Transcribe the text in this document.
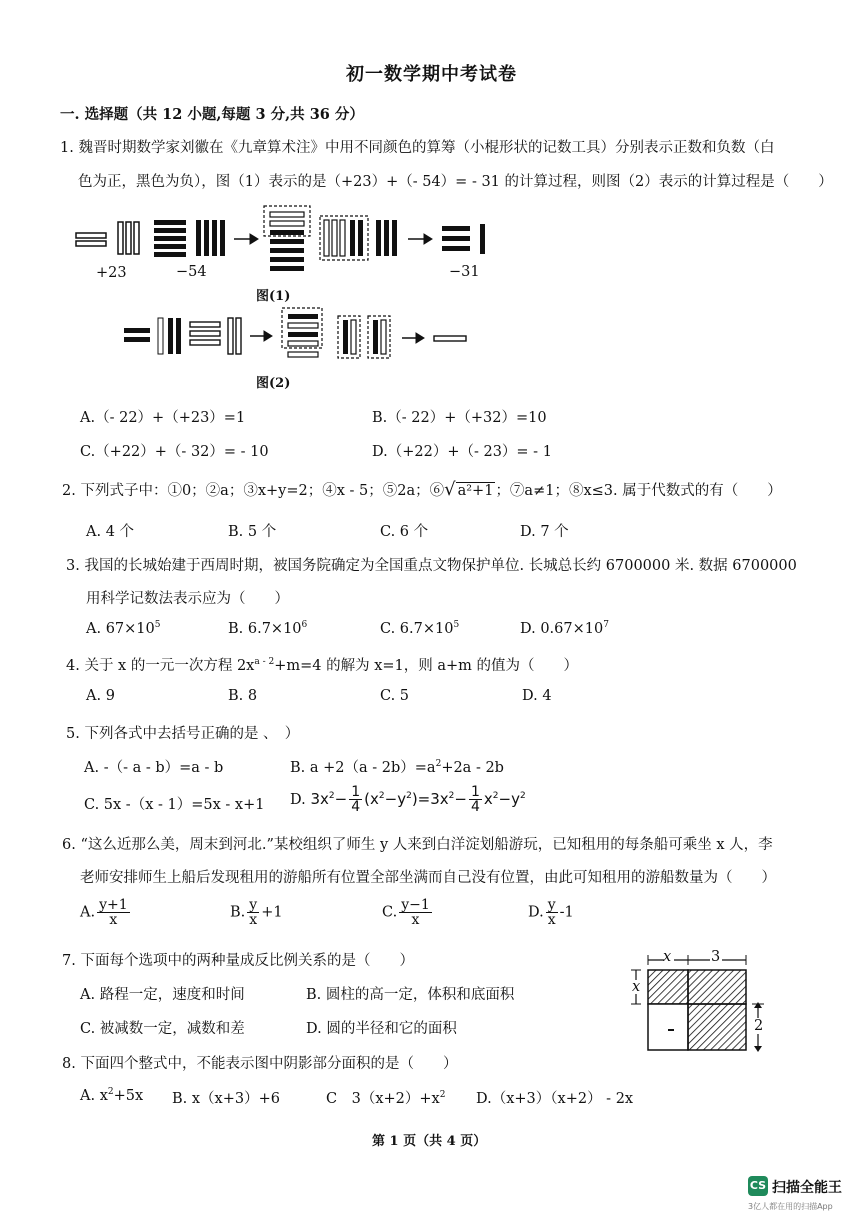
初一数学期中考试卷
一. 选择题（共 12 小题,每题 3 分,共 36 分）
1. 魏晋时期数学家刘徽在《九章算术注》中用不同颜色的算筹（小棍形状的记数工具）分别表示正数和负数（白
色为正，黑色为负），图（1）表示的是（+23）+（- 54）= - 31 的计算过程，则图（2）表示的计算过程是（　　）
+23	−54	−31
图(1)
图(2)
A.（- 22）+（+23）=1	B.（- 22）+（+32）=10
C.（+22）+（- 32）= - 10	D.（+22）+（- 23）= - 1
2. 下列式子中：①0；②a；③x+y=2；④x - 5；⑤2a；⑥√ a²+1 ；⑦a≠1；⑧x≤3. 属于代数式的有（　　）
A. 4 个	B. 5 个	C. 6 个	D. 7 个
3. 我国的长城始建于西周时期，被国务院确定为全国重点文物保护单位. 长城总长约 6700000 米. 数据 6700000
用科学记数法表示应为（　　）
A. $67\times 10^5$	B. $6.7\times 10^6$	C. $6.7\times 10^5$	D. $0.67\times 10^7$
4. 关于 x 的一元一次方程 $2x^{a - 2}+m=4$ 的解为 x=1，则 a+m 的值为（　　）
A. 9	B. 8	C. 5	D. 4
5. 下列各式中去括号正确的是 、　）
A. -（- a - b）=a - b	B. $a +2(a - 2b)=a^2+2a - 2b$
C. 5x -（x - 1）=5x - x+1 D. $3x^2- \frac{1}{4} (x^2-y^2)=3x^2- \frac{1}{4} x^2-y^2$
6. “这么近那么美，周末到河北.”某校组织了师生 y 人来到白洋淀划船游玩，已知租用的每条船可乘坐 x 人，李
老师安排师生上船后发现租用的游船所有位置全部坐满而自己没有位置，由此可知租用的游船数量为（　　）
A. $\frac{y+1}{x}$	B. $\frac{y}{x} +1$	C. $\frac{y-1}{x}$	D. $\frac{y}{x} -1$
7. 下面每个选项中的两种量成反比例关系的是（　　）
A. 路程一定，速度和时间	B. 圆柱的高一定，体积和底面积
C. 被减数一定，减数和差	D. 圆的半径和它的面积
x	3
x
2
8. 下面四个整式中，不能表示图中阴影部分面积的是（　　）
A. $x^2+5x$ B. x（x+3）+6	C　$3(x+2)+x^2$ D.（x+3）（x+2） - 2x
第 1 页（共 4 页）
CS 扫描全能王
3亿人都在用的扫描App
